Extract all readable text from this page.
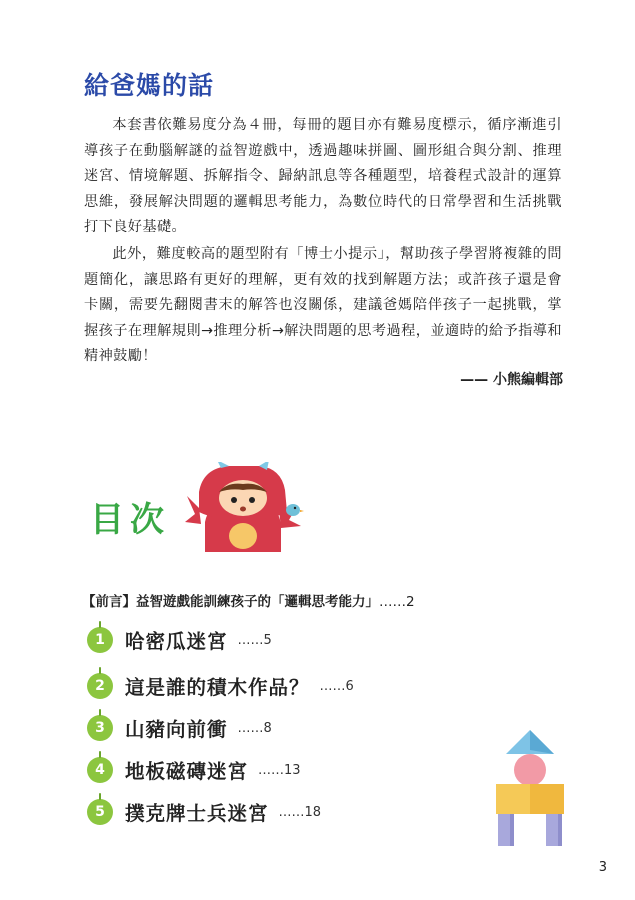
給爸媽的話

本套書依難易度分為４冊，每冊的題目亦有難易度標示，循序漸進引導孩子在動腦解謎的益智遊戲中，透過趣味拼圖、圖形組合與分割、推理迷宮、情境解題、拆解指令、歸納訊息等各種題型，培養程式設計的運算思維，發展解決問題的邏輯思考能力，為數位時代的日常學習和生活挑戰打下良好基礎。

此外，難度較高的題型附有「博士小提示」，幫助孩子學習將複雜的問題簡化，讓思路有更好的理解，更有效的找到解題方法；或許孩子還是會卡關，需要先翻閱書末的解答也沒關係，建議爸媽陪伴孩子一起挑戰，掌握孩子在理解規則→推理分析→解決問題的思考過程，並適時的給予指導和精神鼓勵！

—— 小熊編輯部
目次
【前言】益智遊戲能訓練孩子的「邏輯思考能力」……2
1	哈密瓜迷宮 ……5
2	這是誰的積木作品？ ……6
3	山豬向前衝 ……8
4	地板磁磚迷宮 ……13
5	撲克牌士兵迷宮 ……18
3
